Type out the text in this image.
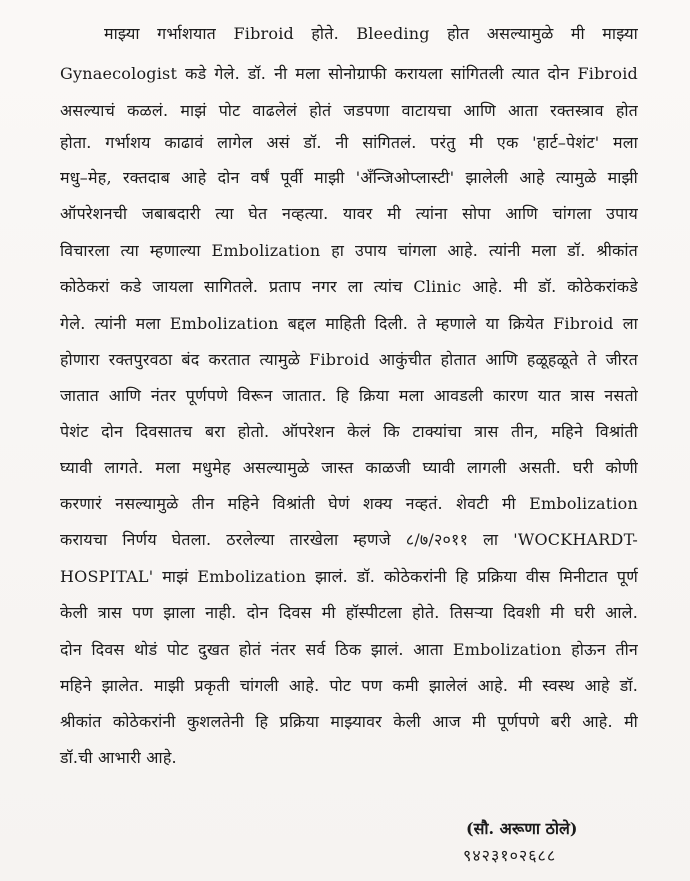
माझ्या गर्भाशयात Fibroid होते. Bleeding होत असल्यामुळे मी माझ्या
Gynaecologist कडे गेले. डॉ. नी मला सोनोग्राफी करायला सांगितली त्यात दोन Fibroid
असल्याचं कळलं. माझं पोट वाढलेलं होतं जडपणा वाटायचा आणि आता रक्तस्त्राव होत
होता. गर्भाशय काढावं लागेल असं डॉ. नी सांगितलं. परंतु मी एक 'हार्ट–पेशंट' मला
मधु–मेह, रक्तदाब आहे दोन वर्षं पूर्वी माझी 'अँन्जिओप्लास्टी' झालेली आहे त्यामुळे माझी
ऑपरेशनची जबाबदारी त्या घेत नव्हत्या. यावर मी त्यांना सोपा आणि चांगला उपाय
विचारला त्या म्हणाल्या Embolization हा उपाय चांगला आहे. त्यांनी मला डॉ. श्रीकांत
कोठेकरां कडे जायला सागितले. प्रताप नगर ला त्यांच Clinic आहे. मी डॉ. कोठेकरांकडे
गेले. त्यांनी मला Embolization बद्दल माहिती दिली. ते म्हणाले या क्रियेत Fibroid ला
होणारा रक्तपुरवठा बंद करतात त्यामुळे Fibroid आकुंचीत होतात आणि हळूहळूते ते जीरत
जातात आणि नंतर पूर्णपणे विरून जातात. हि क्रिया मला आवडली कारण यात त्रास नसतो
पेशंट दोन दिवसातच बरा होतो. ऑपरेशन केलं कि टाक्यांचा त्रास तीन, महिने विश्रांती
घ्यावी लागते. मला मधुमेह असल्यामुळे जास्त काळजी घ्यावी लागली असती. घरी कोणी
करणारं नसल्यामुळे तीन महिने विश्रांती घेणं शक्य नव्हतं. शेवटी मी Embolization
करायचा निर्णय घेतला. ठरलेल्या तारखेला म्हणजे ८/७/२०११ ला 'WOCKHARDT-
HOSPITAL' माझं Embolization झालं. डॉ. कोठेकरांनी हि प्रक्रिया वीस मिनीटात पूर्ण
केली त्रास पण झाला नाही. दोन दिवस मी हॉस्पीटला होते. तिसऱ्या दिवशी मी घरी आले.
दोन दिवस थोडं पोट दुखत होतं नंतर सर्व ठिक झालं. आता Embolization होऊन तीन
महिने झालेत. माझी प्रकृती चांगली आहे. पोट पण कमी झालेलं आहे. मी स्वस्थ आहे डॉ.
श्रीकांत कोठेकरांनी कुशलतेनी हि प्रक्रिया माझ्यावर केली आज मी पूर्णपणे बरी आहे. मी
डॉ.ची आभारी आहे.
(सौ. अरूणा ठोले)
९४२३१०२६८८
